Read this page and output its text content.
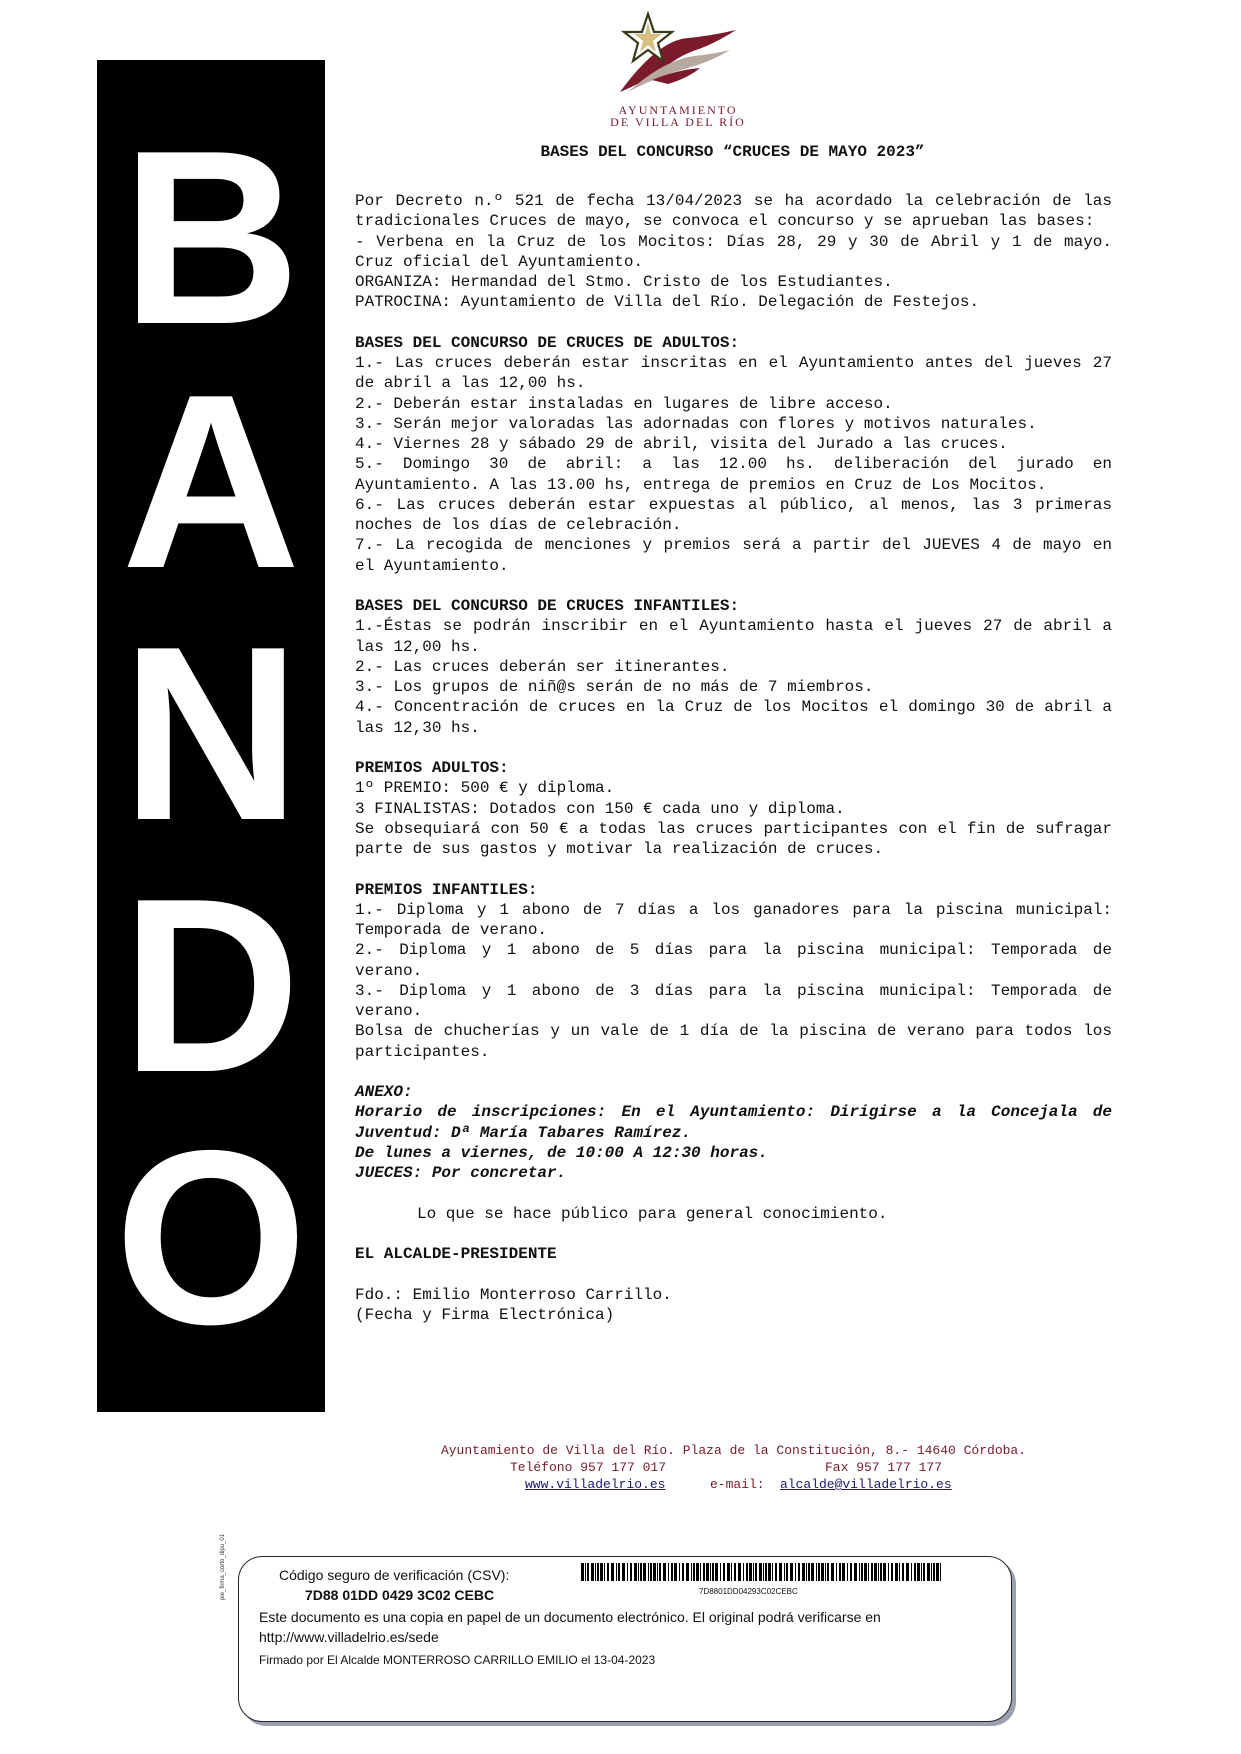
B
A
N
D
O
AYUNTAMIENTO
DE VILLA DEL RÍO
BASES DEL CONCURSO “CRUCES DE MAYO 2023”

Por Decreto n.º 521 de fecha 13/04/2023 se ha acordado la celebración de las tradicionales Cruces de mayo, se convoca el concurso y se aprueban las bases:

- Verbena en la Cruz de los Mocitos: Días 28, 29 y 30 de Abril y 1 de mayo. Cruz oficial del Ayuntamiento.

ORGANIZA: Hermandad del Stmo. Cristo de los Estudiantes.

PATROCINA: Ayuntamiento de Villa del Río. Delegación de Festejos.

BASES DEL CONCURSO DE CRUCES DE ADULTOS:

1.- Las cruces deberán estar inscritas en el Ayuntamiento antes del jueves 27 de abril a las 12,00 hs.

2.- Deberán estar instaladas en lugares de libre acceso.

3.- Serán mejor valoradas las adornadas con flores y motivos naturales.

4.- Viernes 28 y sábado 29 de abril, visita del Jurado a las cruces.

5.- Domingo 30 de abril: a las 12.00 hs. deliberación del jurado en Ayuntamiento. A las 13.00 hs, entrega de premios en Cruz de Los Mocitos.

6.- Las cruces deberán estar expuestas al público, al menos, las 3 primeras noches de los días de celebración.

7.- La recogida de menciones y premios será a partir del JUEVES 4 de mayo en el Ayuntamiento.

BASES DEL CONCURSO DE CRUCES INFANTILES:

1.-Éstas se podrán inscribir en el Ayuntamiento hasta el jueves 27 de abril a las 12,00 hs.

2.- Las cruces deberán ser itinerantes.

3.- Los grupos de niñ@s serán de no más de 7 miembros.

4.- Concentración de cruces en la Cruz de los Mocitos el domingo 30 de abril a las 12,30 hs.

PREMIOS ADULTOS:

1º PREMIO: 500 € y diploma.

3 FINALISTAS: Dotados con 150 € cada uno y diploma.

Se obsequiará con 50 € a todas las cruces participantes con el fin de sufragar parte de sus gastos y motivar la realización de cruces.

PREMIOS INFANTILES:

1.- Diploma y 1 abono de 7 días a los ganadores para la piscina municipal: Temporada de verano.

2.- Diploma y 1 abono de 5 días para la piscina municipal: Temporada de verano.

3.- Diploma y 1 abono de 3 días para la piscina municipal: Temporada de verano.

Bolsa de chucherías y un vale de 1 día de la piscina de verano para todos los participantes.

ANEXO:

Horario de inscripciones: En el Ayuntamiento: Dirigirse a la Concejala de Juventud: Dª María Tabares Ramírez.

De lunes a viernes, de 10:00 A 12:30 horas.

JUECES: Por concretar.

Lo que se hace público para general conocimiento.

EL ALCALDE-PRESIDENTE

Fdo.: Emilio Monterroso Carrillo.

(Fecha y Firma Electrónica)

Ayuntamiento de Villa del Río. Plaza de la Constitución, 8.- 14640 Córdoba.
Teléfono 957 177 017	Fax 957 177 177
www.villadelrio.es	e-mail: alcalde@villadelrio.es
pie_firma_corto_dipu_01	Código seguro de verificación (CSV):
7D88 01DD 0429 3C02 CEBC	7D8801DD04293C02CEBC
Este documento es una copia en papel de un documento electrónico. El original podrá verificarse en http://www.villadelrio.es/sede
Firmado por El Alcalde MONTERROSO CARRILLO EMILIO el 13-04-2023
